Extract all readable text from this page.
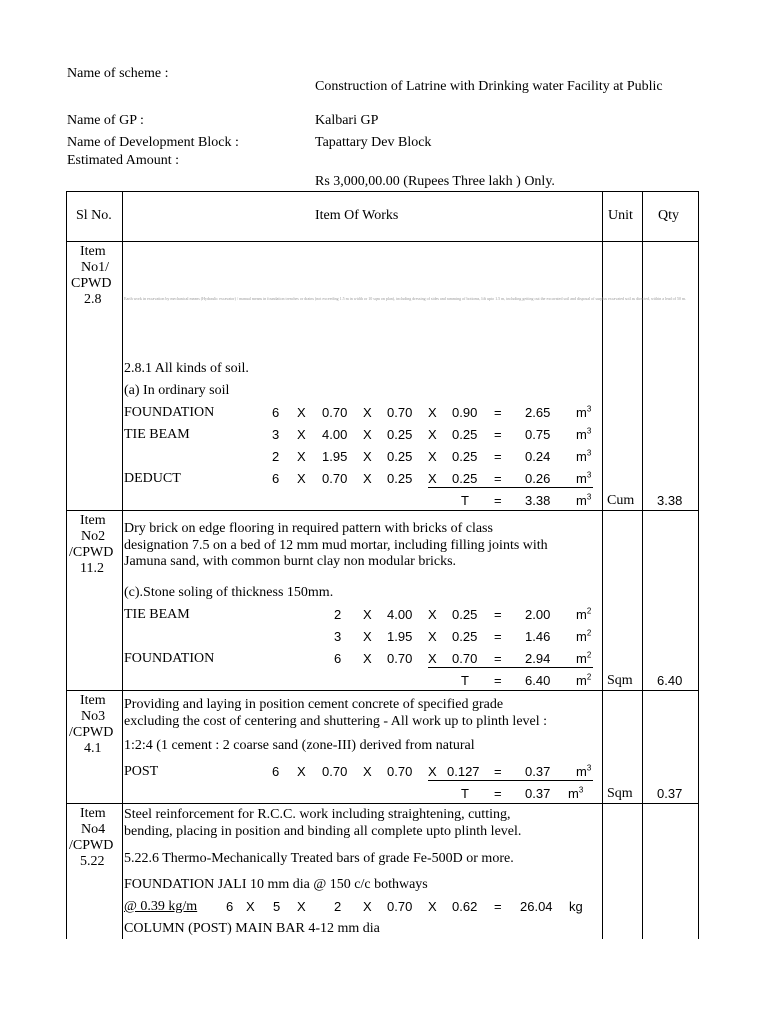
Name of scheme :
Construction of Latrine with Drinking water Facility at Public
Name of GP :	Kalbari GP
Name of Development Block :	Tapattary Dev Block
Estimated Amount :
Rs 3,000,00.00 (Rupees Three lakh ) Only.
Sl No.	Item Of Works	Unit Qty
Item
No1/
CPWD
2.8	Earth work in excavation by mechanical means (Hydraulic excavator) / manual means in foundation trenches or drains (not exceeding 1.5 m in width or 10 sqm on plan), including dressing of sides and ramming of bottoms, lift upto 1.5 m, including getting out the excavated soil and disposal of surplus excavated soil as directed, within a lead of 50 m.
2.8.1 All kinds of soil.
(a) In ordinary soil
FOUNDATION	6 X 0.70 X 0.70 X 0.90 = 2.65 $m^3$
TIE BEAM	3 X 4.00 X 0.25 X 0.25 = 0.75 $m^3$
2 X 1.95 X 0.25 X 0.25 = 0.24 $m^3$
DEDUCT	6 X 0.70 X 0.25 X 0.25 = 0.26 $m^3$
T = 3.38 $m^3$ Cum 3.38
Item
No2
/CPWD
11.2
Dry brick on edge flooring in required pattern with bricks of class
designation 7.5 on a bed of 12 mm mud mortar, including filling joints with
Jamuna sand, with common burnt clay non modular bricks.
(c).Stone soling of thickness 150mm.
TIE BEAM	2 X 4.00 X 0.25 = 2.00 $m^2$
3 X 1.95 X 0.25 = 1.46 $m^2$
FOUNDATION	6 X 0.70 X 0.70 = 2.94 $m^2$
T = 6.40 $m^2$ Sqm 6.40
Item
No3
/CPWD
4.1
Providing and laying in position cement concrete of specified grade
excluding the cost of centering and shuttering - All work up to plinth level :
1:2:4 (1 cement : 2 coarse sand (zone-III) derived from natural
POST	6 X 0.70 X 0.70 X 0.127 = 0.37 $m^3$
T = 0.37 $m^3$ Sqm 0.37
Item
No4
/CPWD
5.22
Steel reinforcement for R.C.C. work including straightening, cutting,
bending, placing in position and binding all complete upto plinth level.
5.22.6 Thermo-Mechanically Treated bars of grade Fe-500D or more.
FOUNDATION JALI 10 mm dia @ 150 c/c bothways
@ 0.39 kg/m 6 X 5 X 2 X 0.70 X 0.62 = 26.04 kg
COLUMN (POST) MAIN BAR 4-12 mm dia
